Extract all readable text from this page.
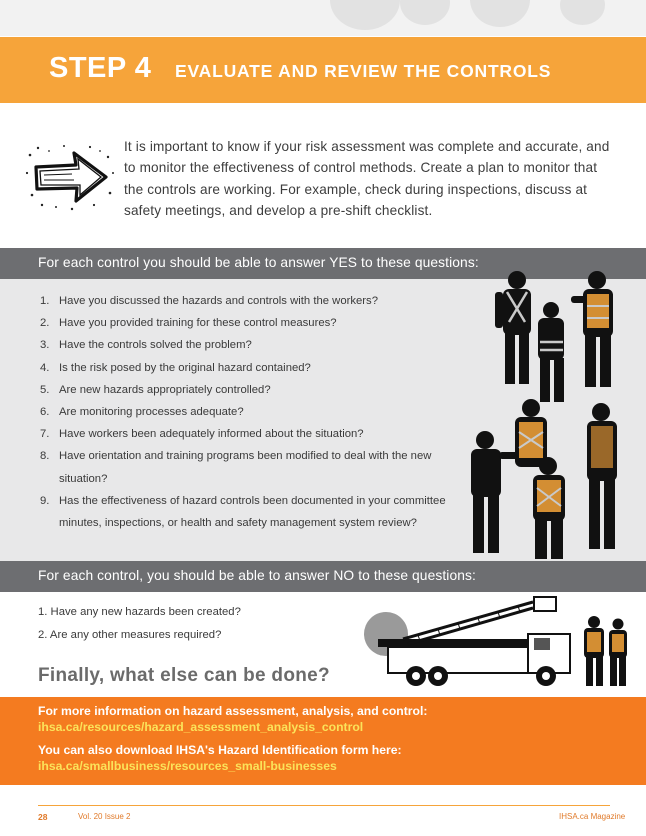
STEP 4 EVALUATE AND REVIEW THE CONTROLS
It is important to know if your risk assessment was complete and accurate, and to monitor the effectiveness of control methods. Create a plan to monitor that the controls are working. For example, check during inspections, discuss at safety meetings, and develop a pre-shift checklist.
For each control you should be able to answer YES to these questions:
1. Have you discussed the hazards and controls with the workers?
2. Have you provided training for these control measures?
3. Have the controls solved the problem?
4. Is the risk posed by the original hazard contained?
5. Are new hazards appropriately controlled?
6. Are monitoring processes adequate?
7. Have workers been adequately informed about the situation?
8. Have orientation and training programs been modified to deal with the new situation?
9. Has the effectiveness of hazard controls been documented in your committee minutes, inspections, or health and safety management system review?
For each control, you should be able to answer NO to these questions:
1. Have any new hazards been created?
2. Are any other measures required?
Finally, what else can be done?
For more information on hazard assessment, analysis, and control:
ihsa.ca/resources/hazard_assessment_analysis_control
You can also download IHSA's Hazard Identification form here:
ihsa.ca/smallbusiness/resources_small-businesses
28	Vol. 20 Issue 2	IHSA.ca Magazine
